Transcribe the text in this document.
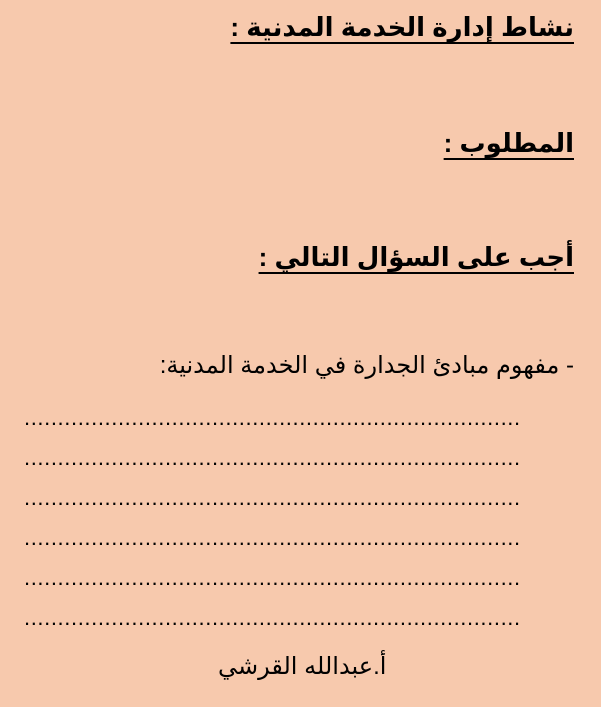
نشاط إدارة الخدمة المدنية :
المطلوب :
أجب على السؤال التالي :

- مفهوم مبادئ الجدارة في الخدمة المدنية:

..........................................................................
..........................................................................
..........................................................................
..........................................................................
..........................................................................
..........................................................................

أ.عبدالله القرشي
